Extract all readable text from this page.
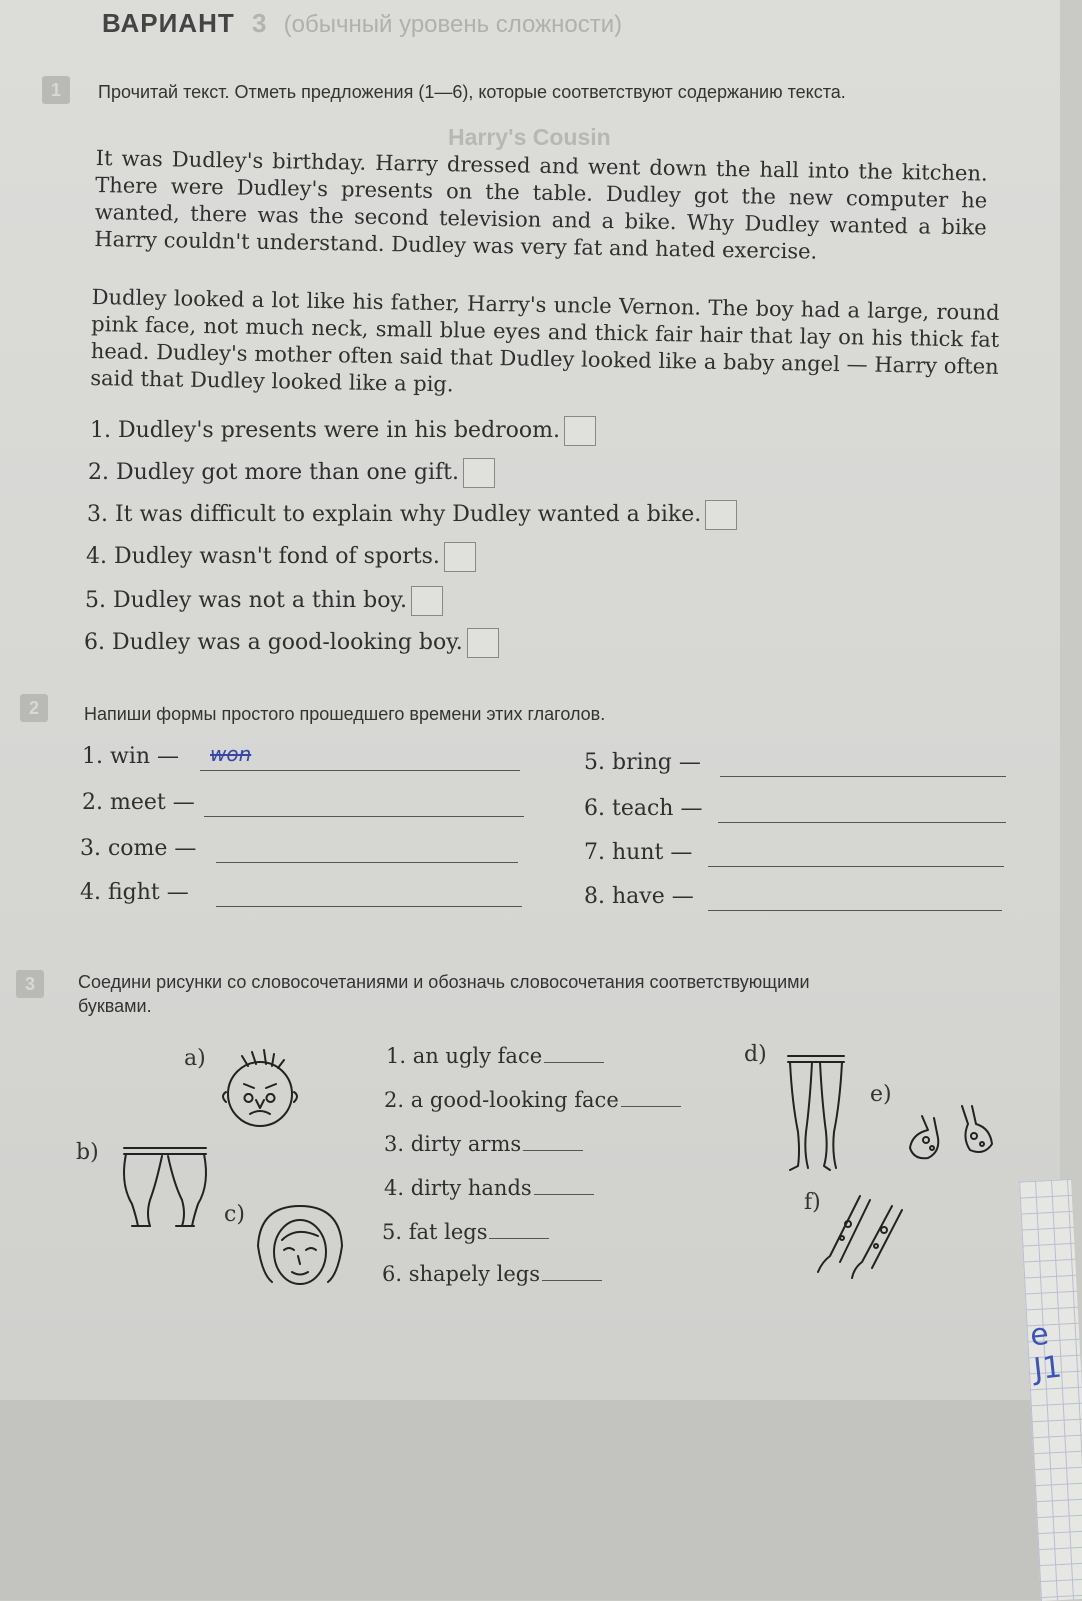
e
J1
ВАРИАНТ 3 (обычный уровень сложности)
1	Прочитай текст. Отметь предложения (1—6), которые соответствуют содержанию текста.
Harry's Cousin

It was Dudley's birthday. Harry dressed and went down the hall into the kitchen. There were Dudley's presents on the table. Dudley got the new computer he wanted, there was the second television and a bike. Why Dudley wanted a bike Harry couldn't understand. Dudley was very fat and hated exercise.

Dudley looked a lot like his father, Harry's uncle Vernon. The boy had a large, round pink face, not much neck, small blue eyes and thick fair hair that lay on his thick fat head. Dudley's mother often said that Dudley looked like a baby angel — Harry often said that Dudley looked like a pig.

1. Dudley's presents were in his bedroom.
2. Dudley got more than one gift.
3. It was difficult to explain why Dudley wanted a bike.
4. Dudley wasn't fond of sports.
5. Dudley was not a thin boy.
6. Dudley was a good-looking boy.
2	Напиши формы простого прошедшего времени этих глаголов.
1. win — won
2. meet —
3. come —
4. fight —
5. bring —
6. teach —
7. hunt —
8. have —
3	Соедини рисунки со словосочетаниями и обозначь словосочетания соответствующими
буквами.
a)
b)
c)
d)
e)
f)
1. an ugly face
2. a good-looking face
3. dirty arms
4. dirty hands
5. fat legs
6. shapely legs
